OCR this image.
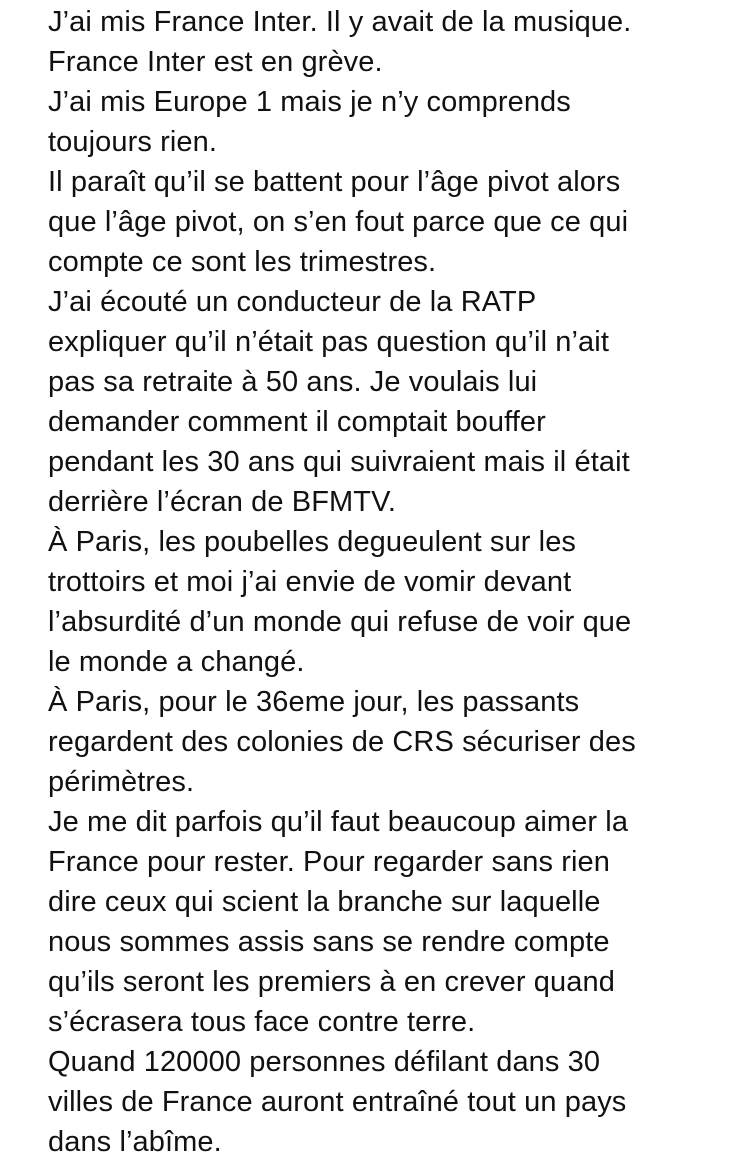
J’ai mis France Inter. Il y avait de la musique.
France Inter est en grève.
J’ai mis Europe 1 mais je n’y comprends
toujours rien.
Il paraît qu’il se battent pour l’âge pivot alors
que l’âge pivot, on s’en fout parce que ce qui
compte ce sont les trimestres.
J’ai écouté un conducteur de la RATP
expliquer qu’il n’était pas question qu’il n’ait
pas sa retraite à 50 ans. Je voulais lui
demander comment il comptait bouffer
pendant les 30 ans qui suivraient mais il était
derrière l’écran de BFMTV.
À Paris, les poubelles degueulent sur les
trottoirs et moi j’ai envie de vomir devant
l’absurdité d’un monde qui refuse de voir que
le monde a changé.
À Paris, pour le 36eme jour, les passants
regardent des colonies de CRS sécuriser des
périmètres.
Je me dit parfois qu’il faut beaucoup aimer la
France pour rester. Pour regarder sans rien
dire ceux qui scient la branche sur laquelle
nous sommes assis sans se rendre compte
qu’ils seront les premiers à en crever quand
s’écrasera tous face contre terre.
Quand 120000 personnes défilant dans 30
villes de France auront entraîné tout un pays
dans l’abîme.
